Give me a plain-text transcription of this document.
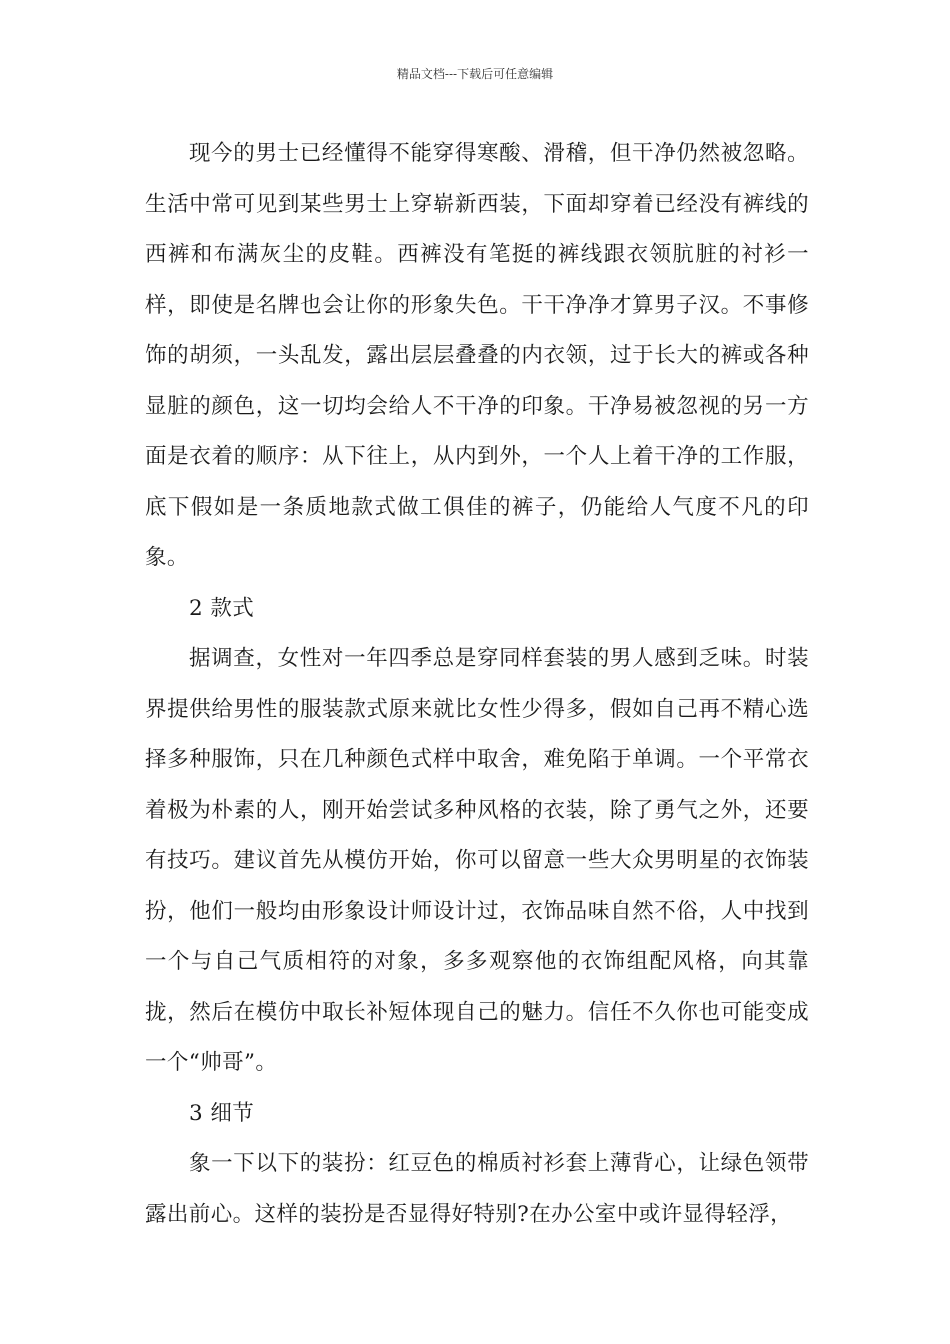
精品文档---下载后可任意编辑

现今的男士已经懂得不能穿得寒酸、滑稽，但干净仍然被忽略。生活中常可见到某些男士上穿崭新西装，下面却穿着已经没有裤线的西裤和布满灰尘的皮鞋。西裤没有笔挺的裤线跟衣领肮脏的衬衫一样，即使是名牌也会让你的形象失色。干干净净才算男子汉。不事修饰的胡须，一头乱发，露出层层叠叠的内衣领，过于长大的裤或各种显脏的颜色，这一切均会给人不干净的印象。干净易被忽视的另一方面是衣着的顺序：从下往上，从内到外，一个人上着干净的工作服，底下假如是一条质地款式做工俱佳的裤子，仍能给人气度不凡的印象。

2 款式

据调查，女性对一年四季总是穿同样套装的男人感到乏味。时装界提供给男性的服装款式原来就比女性少得多，假如自己再不精心选择多种服饰，只在几种颜色式样中取舍，难免陷于单调。一个平常衣着极为朴素的人，刚开始尝试多种风格的衣装，除了勇气之外，还要有技巧。建议首先从模仿开始，你可以留意一些大众男明星的衣饰装扮，他们一般均由形象设计师设计过，衣饰品味自然不俗，人中找到一个与自己气质相符的对象，多多观察他的衣饰组配风格，向其靠拢，然后在模仿中取长补短体现自己的魅力。信任不久你也可能变成一个“帅哥”。

3 细节

象一下以下的装扮：红豆色的棉质衬衫套上薄背心，让绿色领带露出前心。这样的装扮是否显得好特别?在办公室中或许显得轻浮，
